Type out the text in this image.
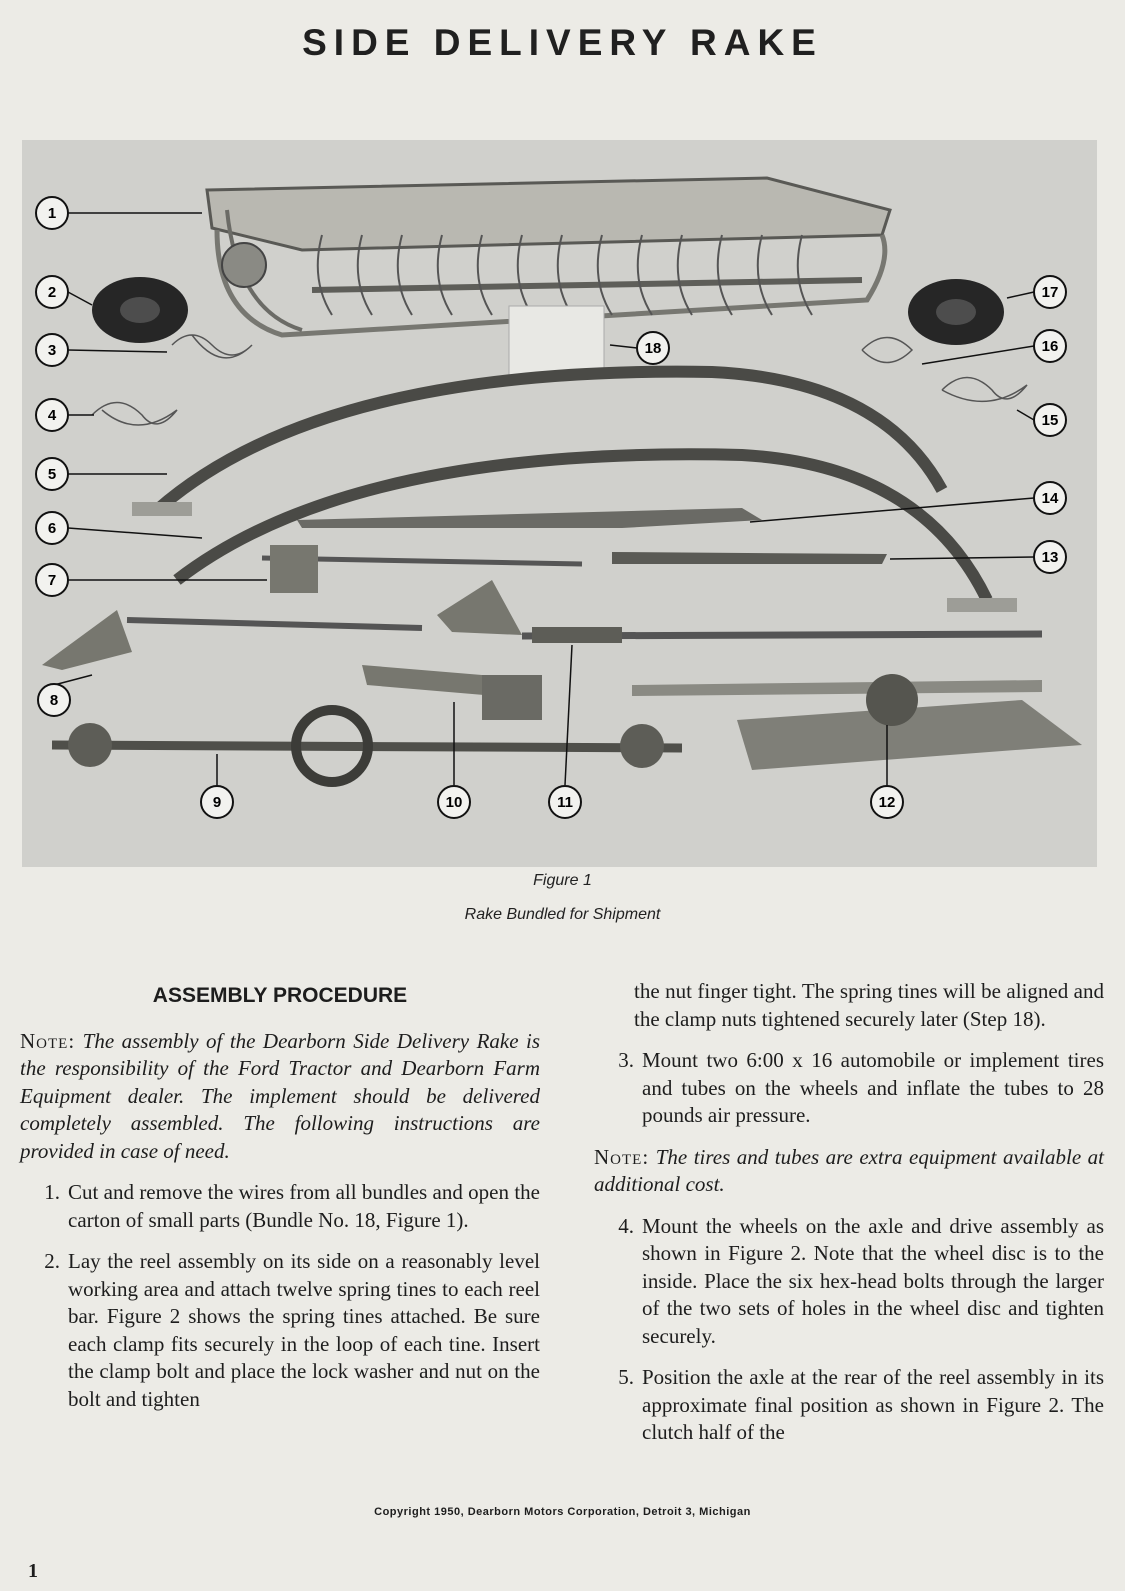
SIDE DELIVERY RAKE
1
2
3
4
5
6
7
8
9	10	11	12
13
14
15
16
17
18
Figure 1
Rake Bundled for Shipment
ASSEMBLY PROCEDURE

Note: The assembly of the Dearborn Side Delivery Rake is the responsibility of the Ford Tractor and Dearborn Farm Equipment dealer. The implement should be delivered completely assembled. The following instructions are provided in case of need.

1. Cut and remove the wires from all bundles and open the carton of small parts (Bundle No. 18, Figure 1).
2. Lay the reel assembly on its side on a reasonably level working area and attach twelve spring tines to each reel bar. Figure 2 shows the spring tines attached. Be sure each clamp fits securely in the loop of each tine. Insert the clamp bolt and place the lock washer and nut on the bolt and tighten

the nut finger tight. The spring tines will be aligned and the clamp nuts tightened securely later (Step 18).

3. Mount two 6:00 x 16 automobile or implement tires and tubes on the wheels and inflate the tubes to 28 pounds air pressure.

Note: The tires and tubes are extra equipment available at additional cost.

4. Mount the wheels on the axle and drive assembly as shown in Figure 2. Note that the wheel disc is to the inside. Place the six hex-head bolts through the larger of the two sets of holes in the wheel disc and tighten securely.
5. Position the axle at the rear of the reel assembly in its approximate final position as shown in Figure 2. The clutch half of the
Copyright 1950, Dearborn Motors Corporation, Detroit 3, Michigan
1
